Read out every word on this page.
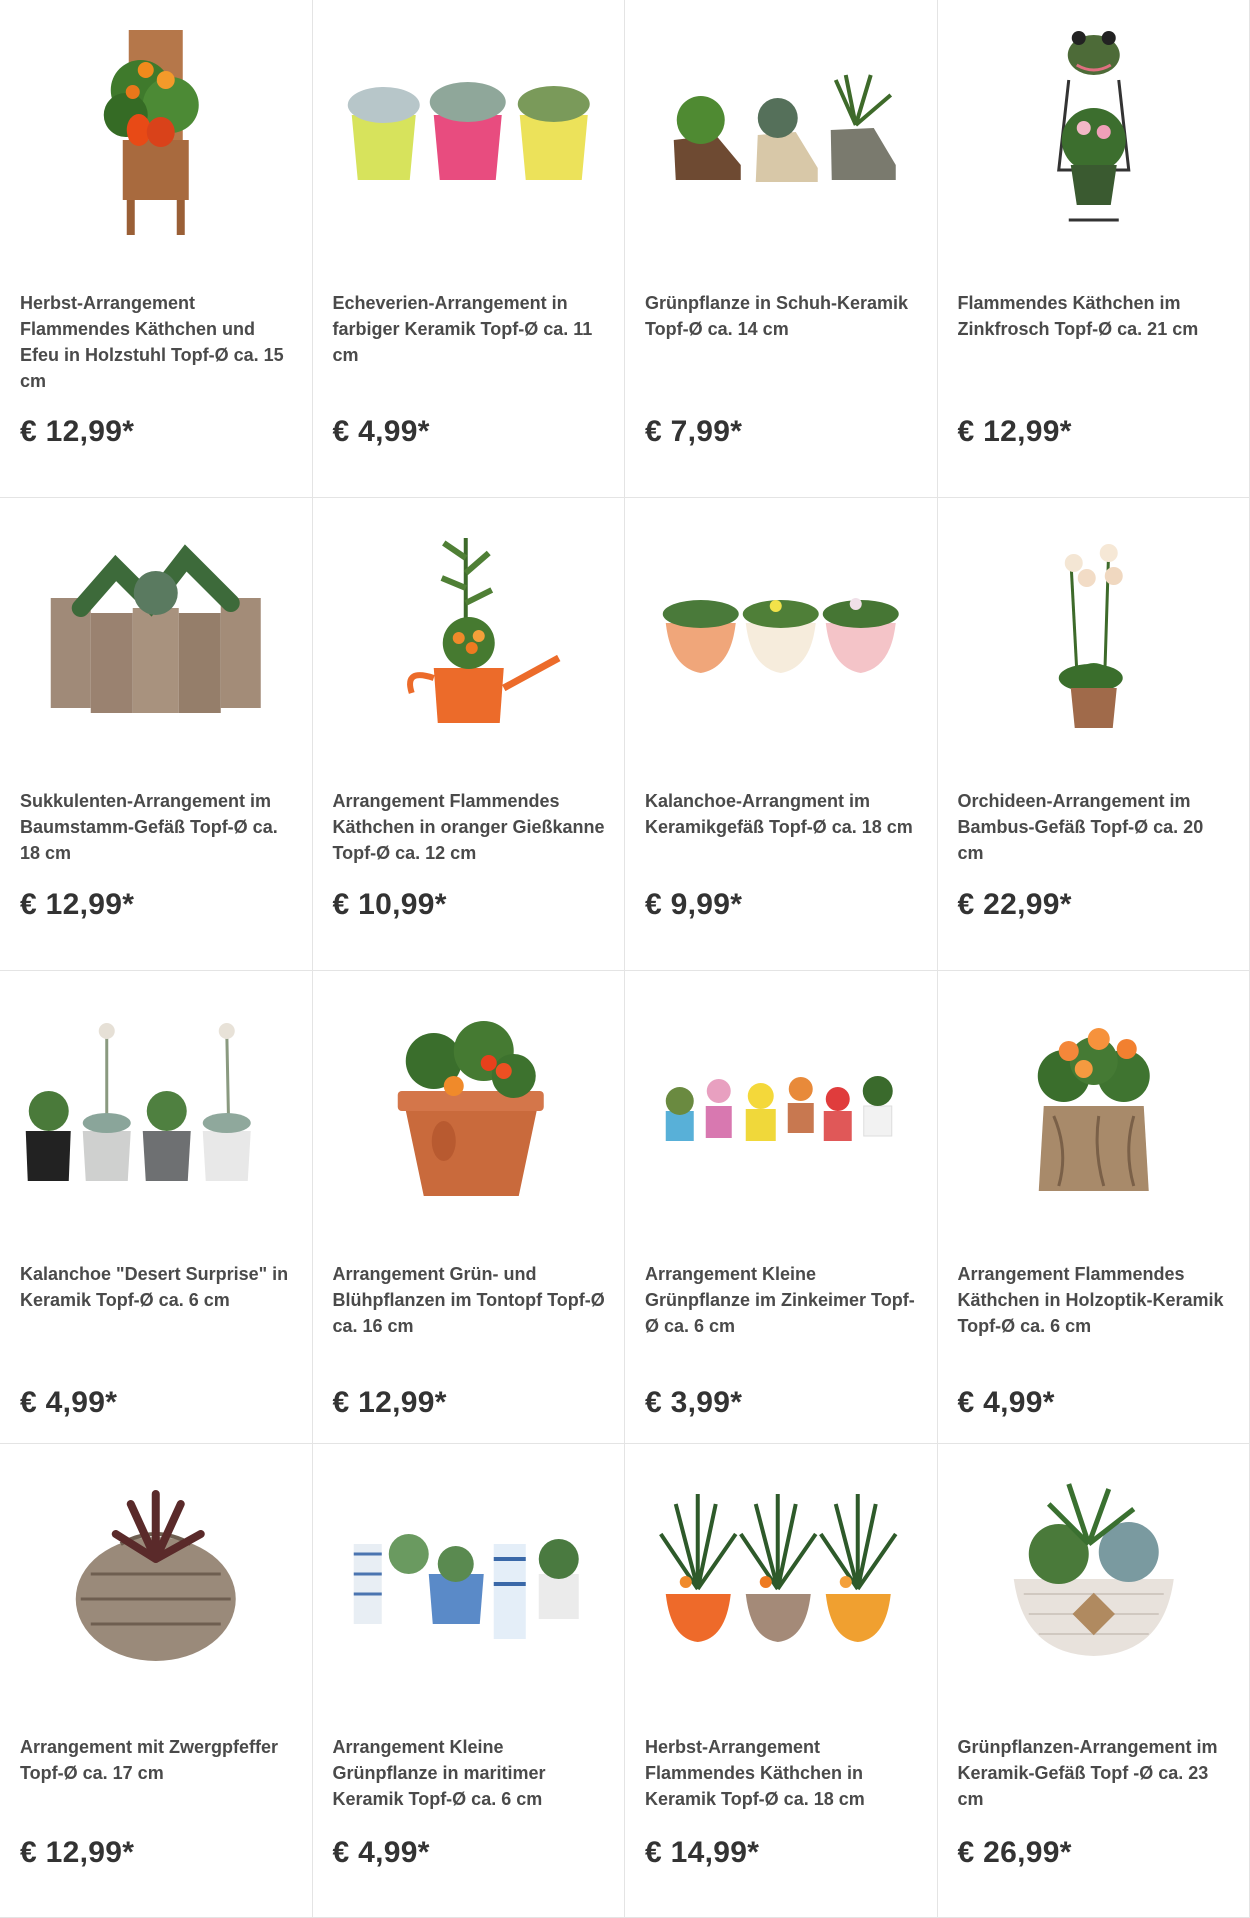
Herbst-Arrangement Flammendes Käthchen und Efeu in Holzstuhl Topf-Ø ca. 15 cm
€ 12,99*
Echeverien-Arrangement in farbiger Keramik Topf-Ø ca. 11 cm
€ 4,99*
Grünpflanze in Schuh-Keramik Topf-Ø ca. 14 cm
€ 7,99*
Flammendes Käthchen im Zinkfrosch Topf-Ø ca. 21 cm
€ 12,99*
Sukkulenten-Arrangement im Baumstamm-Gefäß Topf-Ø ca. 18 cm
€ 12,99*
Arrangement Flammendes Käthchen in oranger Gießkanne Topf-Ø ca. 12 cm
€ 10,99*
Kalanchoe-Arrangment im Keramikgefäß Topf-Ø ca. 18 cm
€ 9,99*
Orchideen-Arrangement im Bambus-Gefäß Topf-Ø ca. 20 cm
€ 22,99*
Kalanchoe "Desert Surprise" in Keramik Topf-Ø ca. 6 cm
€ 4,99*
Arrangement Grün- und Blühpflanzen im Tontopf Topf-Ø ca. 16 cm
€ 12,99*
Arrangement Kleine Grünpflanze im Zinkeimer Topf-Ø ca. 6 cm
€ 3,99*
Arrangement Flammendes Käthchen in Holzoptik-Keramik Topf-Ø ca. 6 cm
€ 4,99*
Arrangement mit Zwergpfeffer Topf-Ø ca. 17 cm
€ 12,99*
Arrangement Kleine Grünpflanze in maritimer Keramik Topf-Ø ca. 6 cm
€ 4,99*
Herbst-Arrangement Flammendes Käthchen in Keramik Topf-Ø ca. 18 cm
€ 14,99*
Grünpflanzen-Arrangement im Keramik-Gefäß Topf -Ø ca. 23 cm
€ 26,99*
